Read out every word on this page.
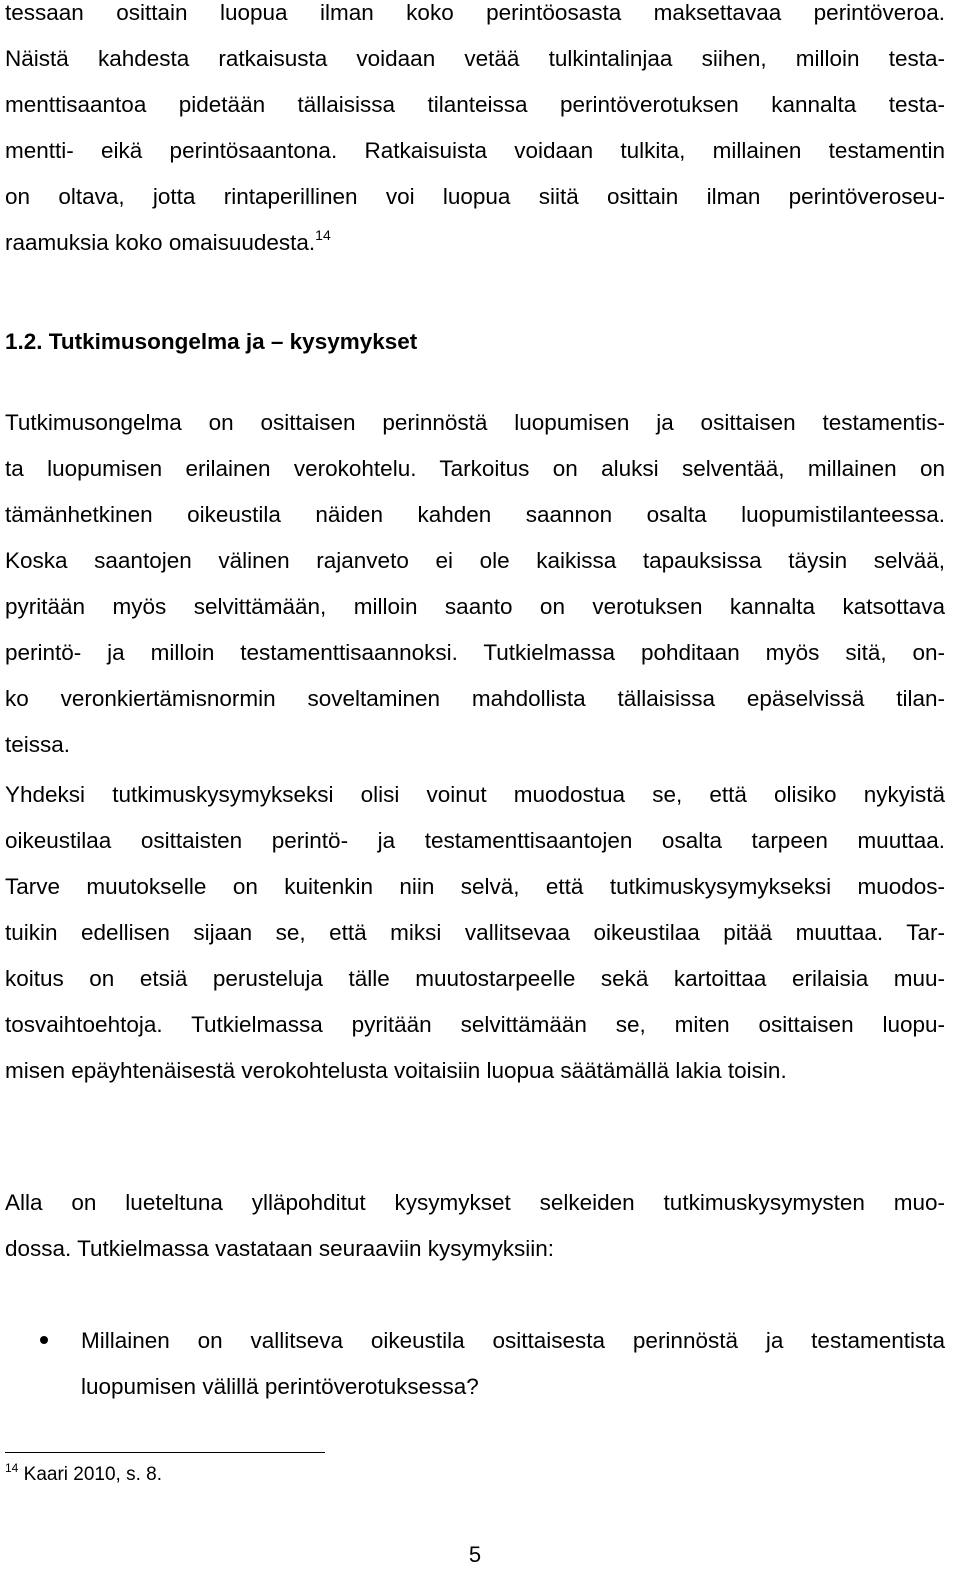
tessaan osittain luopua ilman koko perintöosasta maksettavaa perintöveroa.
Näistä kahdesta ratkaisusta voidaan vetää tulkintalinjaa siihen, milloin testa-
menttisaantoa pidetään tällaisissa tilanteissa perintöverotuksen kannalta testa-
mentti- eikä perintösaantona. Ratkaisuista voidaan tulkita, millainen testamentin
on oltava, jotta rintaperillinen voi luopua siitä osittain ilman perintöveroseu-
raamuksia koko omaisuudesta.$^{14}$
1.2. Tutkimusongelma ja – kysymykset
Tutkimusongelma on osittaisen perinnöstä luopumisen ja osittaisen testamentis-
ta luopumisen erilainen verokohtelu. Tarkoitus on aluksi selventää, millainen on
tämänhetkinen oikeustila näiden kahden saannon osalta luopumistilanteessa.
Koska saantojen välinen rajanveto ei ole kaikissa tapauksissa täysin selvää,
pyritään myös selvittämään, milloin saanto on verotuksen kannalta katsottava
perintö- ja milloin testamenttisaannoksi. Tutkielmassa pohditaan myös sitä, on-
ko veronkiertämisnormin soveltaminen mahdollista tällaisissa epäselvissä tilan-
teissa.
Yhdeksi tutkimuskysymykseksi olisi voinut muodostua se, että olisiko nykyistä
oikeustilaa osittaisten perintö- ja testamenttisaantojen osalta tarpeen muuttaa.
Tarve muutokselle on kuitenkin niin selvä, että tutkimuskysymykseksi muodos-
tuikin edellisen sijaan se, että miksi vallitsevaa oikeustilaa pitää muuttaa. Tar-
koitus on etsiä perusteluja tälle muutostarpeelle sekä kartoittaa erilaisia muu-
tosvaihtoehtoja. Tutkielmassa pyritään selvittämään se, miten osittaisen luopu-
misen epäyhtenäisestä verokohtelusta voitaisiin luopua säätämällä lakia toisin.
Alla on lueteltuna ylläpohditut kysymykset selkeiden tutkimuskysymysten muo-
dossa. Tutkielmassa vastataan seuraaviin kysymyksiin:
Millainen on vallitseva oikeustila osittaisesta perinnöstä ja testamentista
luopumisen välillä perintöverotuksessa?
$^{14}$ Kaari 2010, s. 8.
5
